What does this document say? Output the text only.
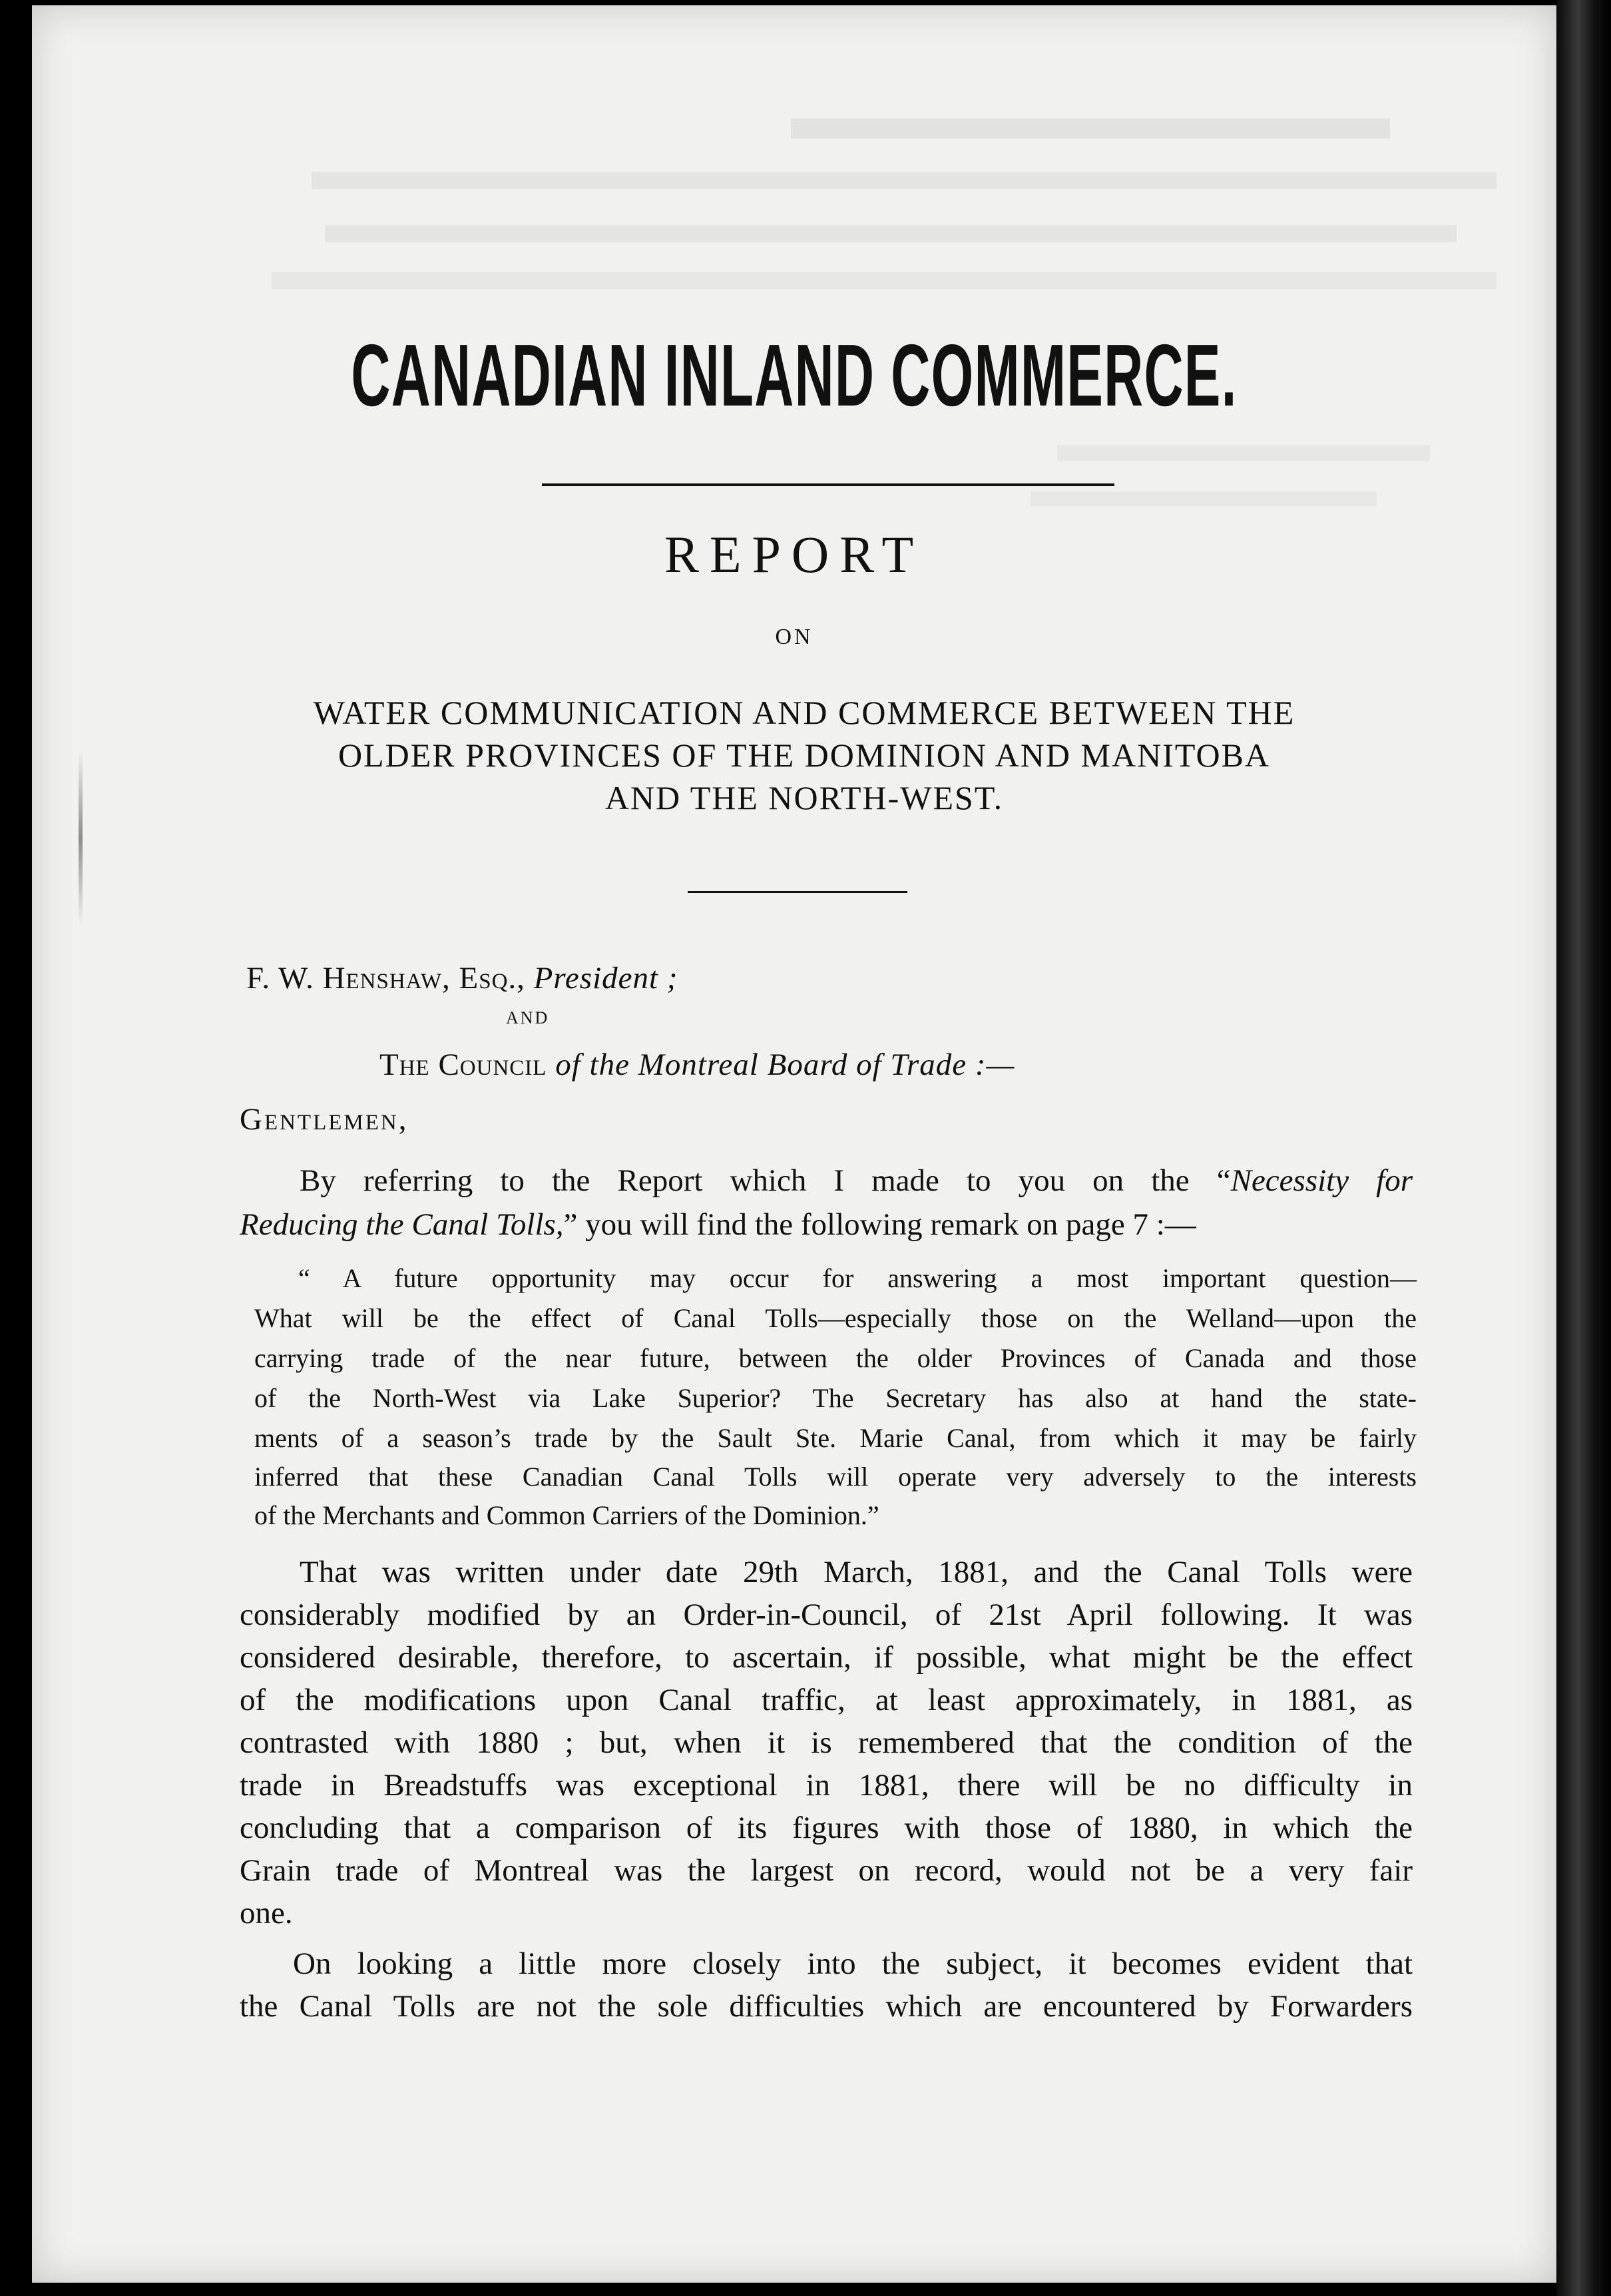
CANADIAN INLAND COMMERCE.
REPORT
ON
WATER COMMUNICATION AND COMMERCE BETWEEN THE
OLDER PROVINCES OF THE DOMINION AND MANITOBA
AND THE NORTH-WEST.
F. W. Henshaw, Esq., President ;
AND
The Council of the Montreal Board of Trade :—
Gentlemen,
By referring to the Report which I made to you on the “Necessity for
Reducing the Canal Tolls,” you will find the following remark on page 7 :—
“ A future opportunity may occur for answering a most important question—
What will be the effect of Canal Tolls—especially those on the Welland—upon the
carrying trade of the near future, between the older Provinces of Canada and those
of the North-West via Lake Superior? The Secretary has also at hand the state-
ments of a season’s trade by the Sault Ste. Marie Canal, from which it may be fairly
inferred that these Canadian Canal Tolls will operate very adversely to the interests
of the Merchants and Common Carriers of the Dominion.”
That was written under date 29th March, 1881, and the Canal Tolls were
considerably modified by an Order-in-Council, of 21st April following. It was
considered desirable, therefore, to ascertain, if possible, what might be the effect
of the modifications upon Canal traffic, at least approximately, in 1881, as
contrasted with 1880 ; but, when it is remembered that the condition of the
trade in Breadstuffs was exceptional in 1881, there will be no difficulty in
concluding that a comparison of its figures with those of 1880, in which the
Grain trade of Montreal was the largest on record, would not be a very fair
one.
On looking a little more closely into the subject, it becomes evident that
the Canal Tolls are not the sole difficulties which are encountered by Forwarders
